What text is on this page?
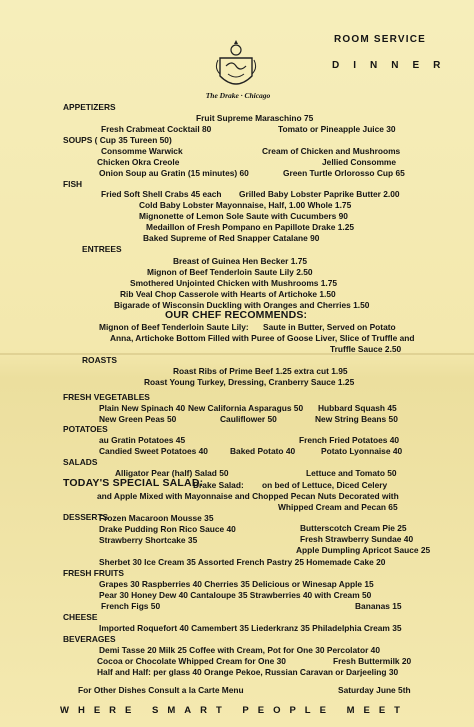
The Drake · Chicago
ROOM SERVICE
DINNER
APPETIZERS
Fruit Supreme Maraschino 75
Fresh Crabmeat Cocktail 80	Tomato or Pineapple Juice 30
SOUPS ( Cup 35 Tureen 50)
Consomme Warwick	Cream of Chicken and Mushrooms
Chicken Okra Creole	Jellied Consomme
Onion Soup au Gratin (15 minutes) 60	Green Turtle Orlorosso Cup 65
FISH
Fried Soft Shell Crabs 45 each Grilled Baby Lobster Paprike Butter 2.00
Cold Baby Lobster Mayonnaise, Half, 1.00 Whole 1.75
Mignonette of Lemon Sole Saute with Cucumbers 90
Medaillon of Fresh Pompano en Papillote Drake 1.25
Baked Supreme of Red Snapper Catalane 90
ENTREES
Breast of Guinea Hen Becker 1.75
Mignon of Beef Tenderloin Saute Lily 2.50
Smothered Unjointed Chicken with Mushrooms 1.75
Rib Veal Chop Casserole with Hearts of Artichoke 1.50
Bigarade of Wisconsin Duckling with Oranges and Cherries 1.50
OUR CHEF RECOMMENDS:
Mignon of Beef Tenderloin Saute Lily: Saute in Butter, Served on Potato
Anna, Artichoke Bottom Filled with Puree of Goose Liver, Slice of Truffle and
Truffle Sauce 2.50
ROASTS
Roast Ribs of Prime Beef 1.25 extra cut 1.95
Roast Young Turkey, Dressing, Cranberry Sauce 1.25
FRESH VEGETABLES
Plain New Spinach 40 New California Asparagus 50 Hubbard Squash 45
New Green Peas 50	Cauliflower 50	New String Beans 50
POTATOES
au Gratin Potatoes 45	French Fried Potatoes 40
Candied Sweet Potatoes 40	Baked Potato 40	Potato Lyonnaise 40
SALADS
Alligator Pear (half) Salad 50	Lettuce and Tomato 50
TODAY'S SPECIAL SALAD:
Drake Salad: on bed of Lettuce, Diced Celery
and Apple Mixed with Mayonnaise and Chopped Pecan Nuts Decorated with
Whipped Cream and Pecan 65
DESSERTS
Frozen Macaroon Mousse 35
Butterscotch Cream Pie 25
Drake Pudding Ron Rico Sauce 40
Fresh Strawberry Sundae 40
Strawberry Shortcake 35
Apple Dumpling Apricot Sauce 25
Sherbet 30 Ice Cream 35 Assorted French Pastry 25 Homemade Cake 20
FRESH FRUITS
Grapes 30 Raspberries 40 Cherries 35 Delicious or Winesap Apple 15
Pear 30 Honey Dew 40 Cantaloupe 35 Strawberries 40 with Cream 50
French Figs 50	Bananas 15
CHEESE
Imported Roquefort 40 Camembert 35 Liederkranz 35 Philadelphia Cream 35
BEVERAGES
Demi Tasse 20 Milk 25 Coffee with Cream, Pot for One 30 Percolator 40
Cocoa or Chocolate Whipped Cream for One 30	Fresh Buttermilk 20
Half and Half: per glass 40 Orange Pekoe, Russian Caravan or Darjeeling 30
For Other Dishes Consult a la Carte Menu	Saturday June 5th
WHERE SMART PEOPLE MEET
